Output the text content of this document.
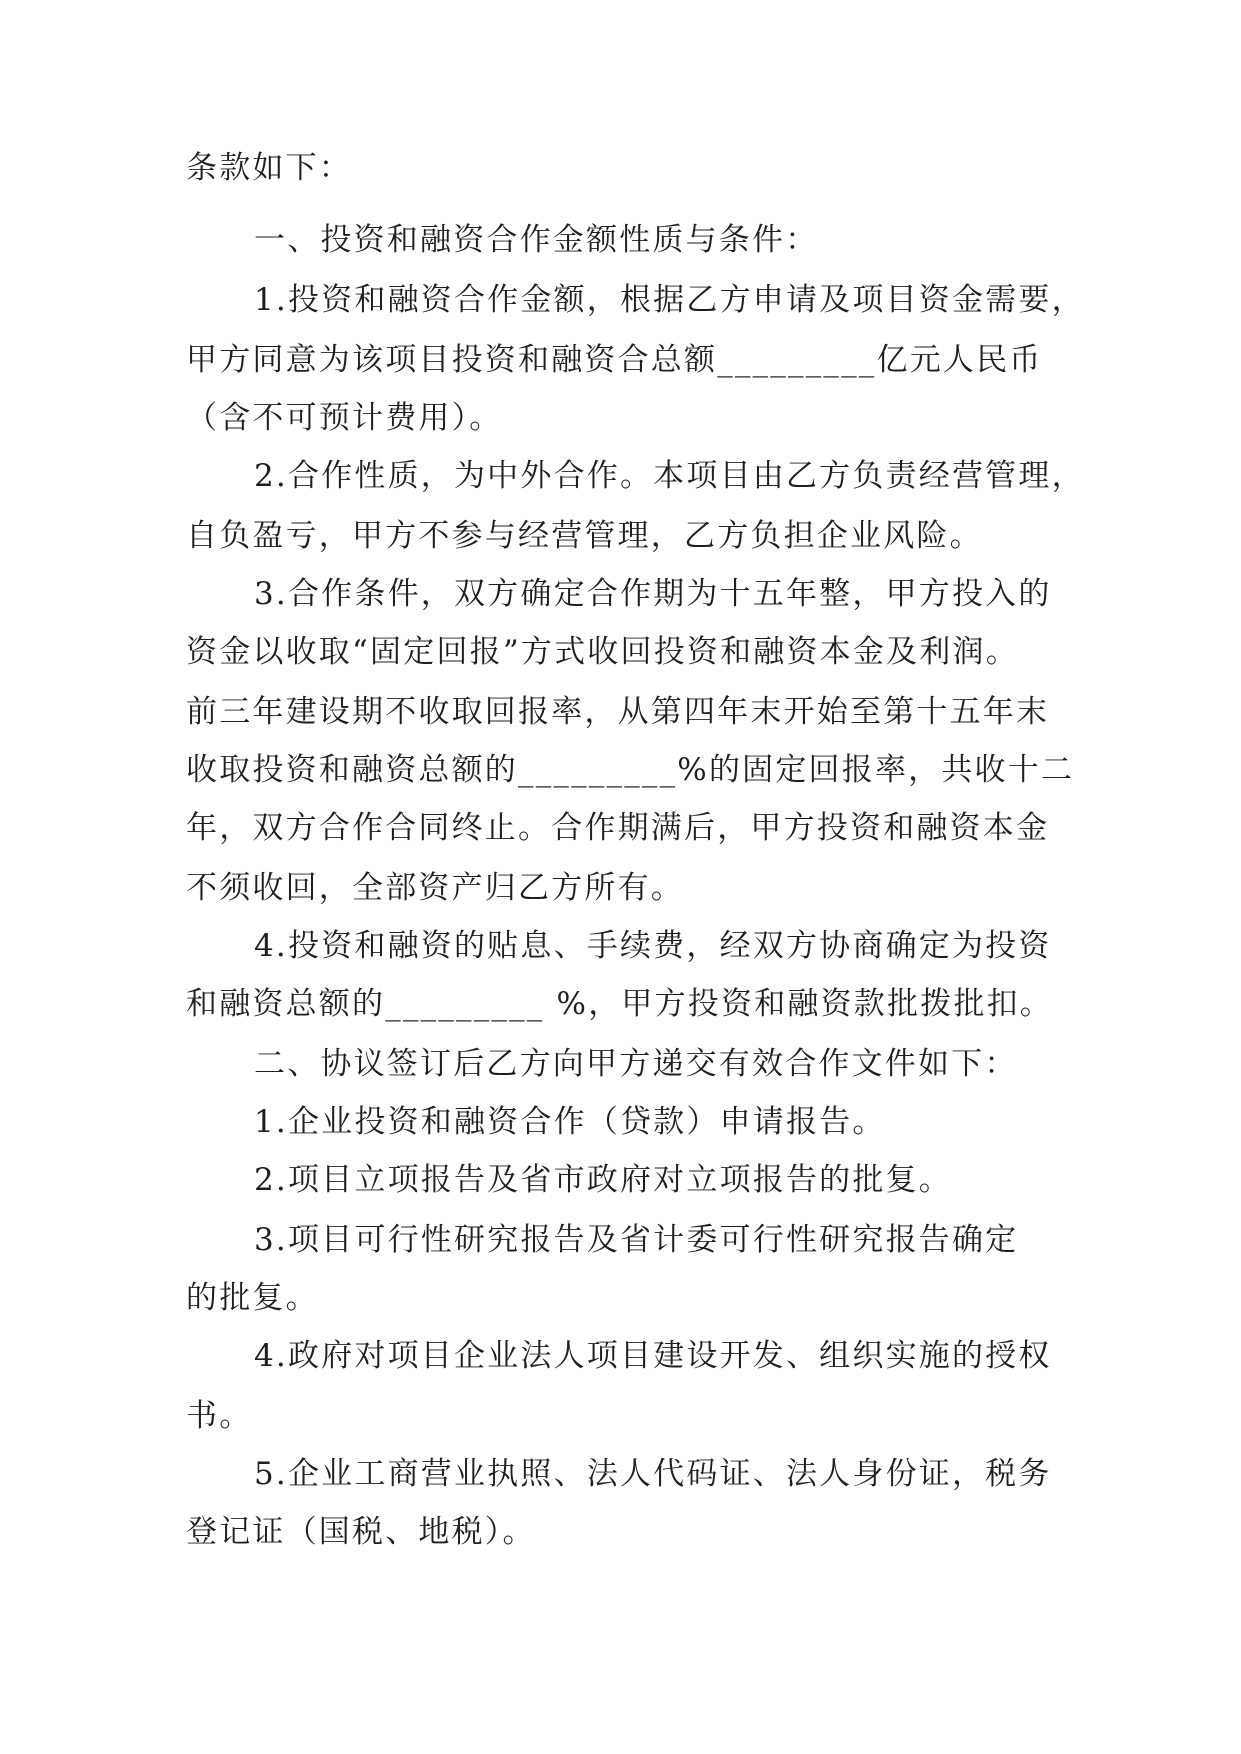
条款如下：
一、投资和融资合作金额性质与条件：
1.投资和融资合作金额，根据乙方申请及项目资金需要，
甲方同意为该项目投资和融资合总额_________亿元人民币
（含不可预计费用）。
2.合作性质，为中外合作。本项目由乙方负责经营管理，
自负盈亏，甲方不参与经营管理，乙方负担企业风险。
3.合作条件，双方确定合作期为十五年整，甲方投入的
资金以收取“固定回报”方式收回投资和融资本金及利润。
前三年建设期不收取回报率，从第四年末开始至第十五年末
收取投资和融资总额的_________%的固定回报率，共收十二
年，双方合作合同终止。合作期满后，甲方投资和融资本金
不须收回，全部资产归乙方所有。
4.投资和融资的贴息、手续费，经双方协商确定为投资
和融资总额的_________ %，甲方投资和融资款批拨批扣。
二、协议签订后乙方向甲方递交有效合作文件如下：
1.企业投资和融资合作（贷款）申请报告。
2.项目立项报告及省市政府对立项报告的批复。
3.项目可行性研究报告及省计委可行性研究报告确定
的批复。
4.政府对项目企业法人项目建设开发、组织实施的授权
书。
5.企业工商营业执照、法人代码证、法人身份证，税务
登记证（国税、地税）。
